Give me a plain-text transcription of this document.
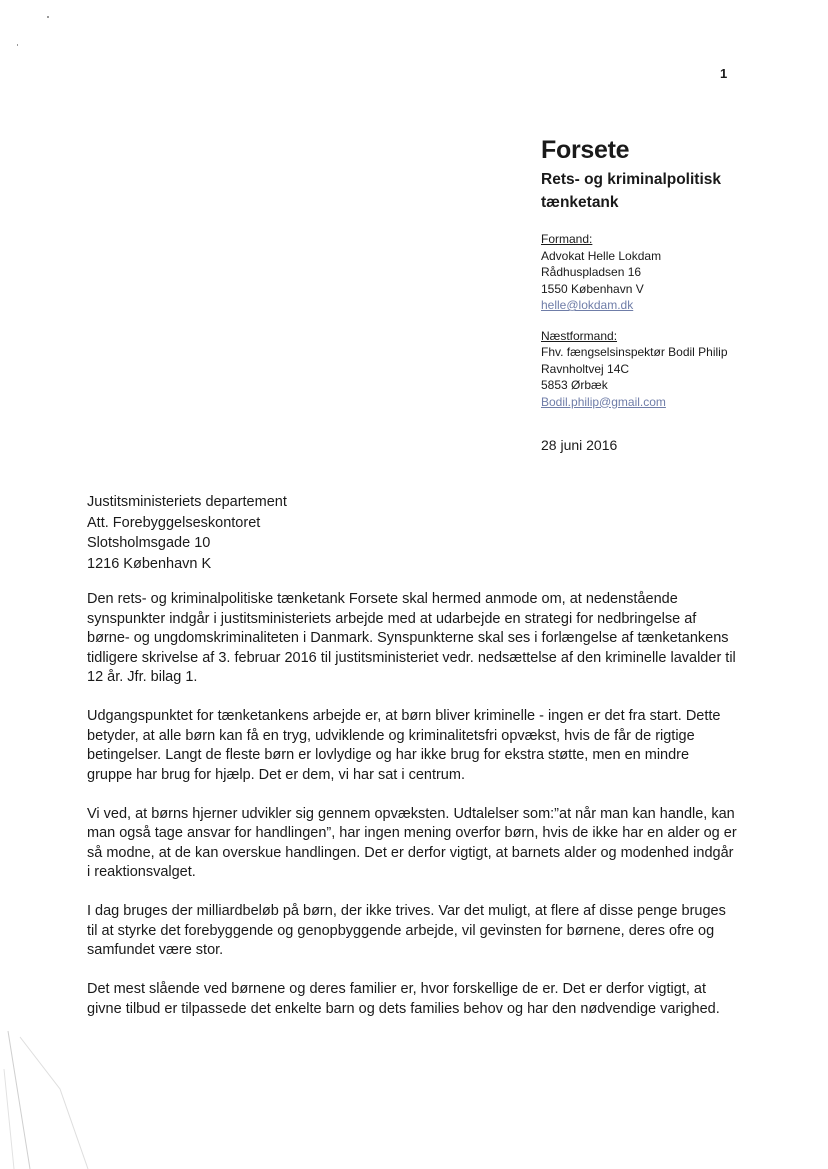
1
Forsete
Rets- og kriminalpolitisk
tænketank
Formand:
Advokat Helle Lokdam
Rådhuspladsen 16
1550 København V
helle@lokdam.dk
Næstformand:
Fhv. fængselsinspektør Bodil Philip
Ravnholtvej 14C
5853 Ørbæk
Bodil.philip@gmail.com
28 juni 2016
Justitsministeriets departement
Att. Forebyggelseskontoret
Slotsholmsgade 10
1216 København K

Den rets- og kriminalpolitiske tænketank Forsete skal hermed anmode om, at nedenstående synspunkter indgår i justitsministeriets arbejde med at udarbejde en strategi for nedbringelse af børne- og ungdomskriminaliteten i Danmark. Synspunkterne skal ses i forlængelse af tænketankens tidligere skrivelse af 3. februar 2016 til justitsministeriet vedr. nedsættelse af den kriminelle lavalder til 12 år. Jfr. bilag 1.

Udgangspunktet for tænketankens arbejde er, at børn bliver kriminelle - ingen er det fra start. Dette betyder, at alle børn kan få en tryg, udviklende og kriminalitetsfri opvækst, hvis de får de rigtige betingelser. Langt de fleste børn er lovlydige og har ikke brug for ekstra støtte, men en mindre gruppe har brug for hjælp. Det er dem, vi har sat i centrum.

Vi ved, at børns hjerner udvikler sig gennem opvæksten. Udtalelser som:”at når man kan handle, kan man også tage ansvar for handlingen”, har ingen mening overfor børn, hvis de ikke har en alder og er så modne, at de kan overskue handlingen. Det er derfor vigtigt, at barnets alder og modenhed indgår i reaktionsvalget.

I dag bruges der milliardbeløb på børn, der ikke trives. Var det muligt, at flere af disse penge bruges til at styrke det forebyggende og genopbyggende arbejde, vil gevinsten for børnene, deres ofre og samfundet være stor.

Det mest slående ved børnene og deres familier er, hvor forskellige de er. Det er derfor vigtigt, at givne tilbud er tilpassede det enkelte barn og dets families behov og har den nødvendige varighed.
